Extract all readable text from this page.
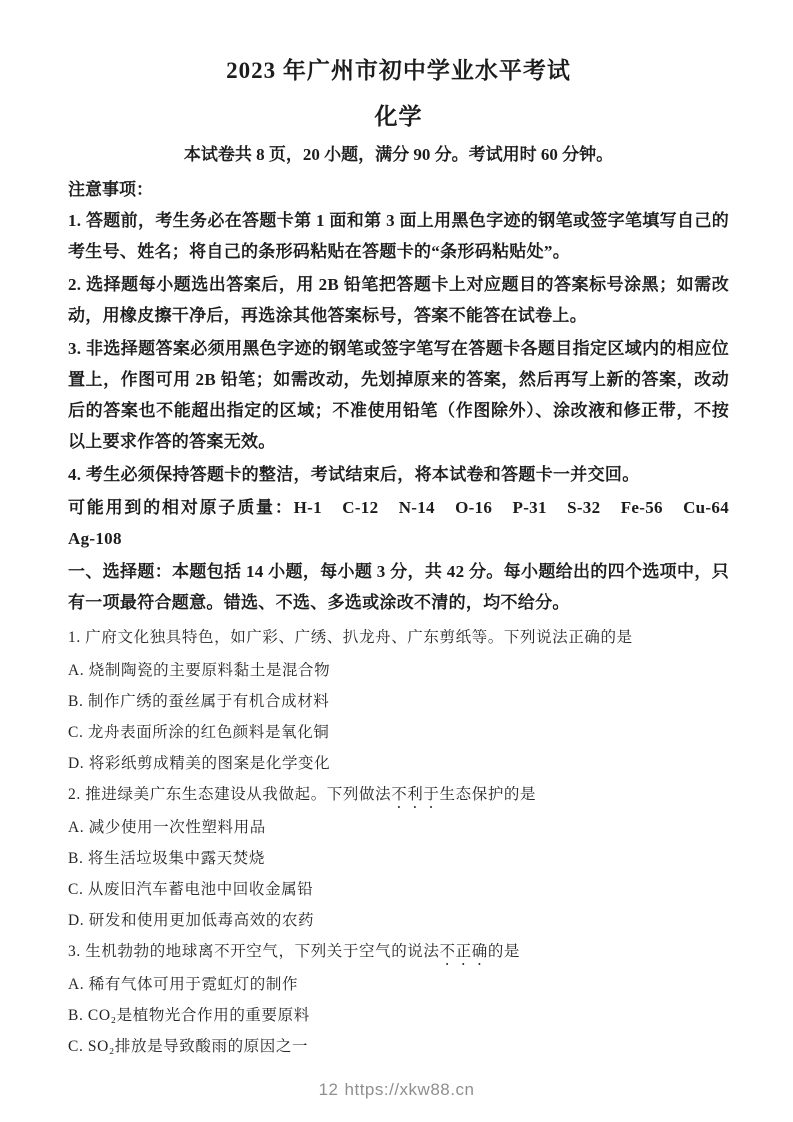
2023 年广州市初中学业水平考试
化学
本试卷共 8 页，20 小题，满分 90 分。考试用时 60 分钟。
注意事项：

1. 答题前，考生务必在答题卡第 1 面和第 3 面上用黑色字迹的钢笔或签字笔填写自己的考生号、姓名；将自己的条形码粘贴在答题卡的“条形码粘贴处”。

2. 选择题每小题选出答案后，用 2B 铅笔把答题卡上对应题目的答案标号涂黑；如需改动，用橡皮擦干净后，再选涂其他答案标号，答案不能答在试卷上。

3. 非选择题答案必须用黑色字迹的钢笔或签字笔写在答题卡各题目指定区域内的相应位置上，作图可用 2B 铅笔；如需改动，先划掉原来的答案，然后再写上新的答案，改动后的答案也不能超出指定的区域；不准使用铅笔（作图除外）、涂改液和修正带，不按以上要求作答的答案无效。

4. 考生必须保持答题卡的整洁，考试结束后，将本试卷和答题卡一并交回。

可能用到的相对原子质量：H-1　C-12　N-14　O-16　P-31　S-32　Fe-56　Cu-64　Ag-108

一、选择题：本题包括 14 小题，每小题 3 分，共 42 分。每小题给出的四个选项中，只有一项最符合题意。错选、不选、多选或涂改不清的，均不给分。

1. 广府文化独具特色，如广彩、广绣、扒龙舟、广东剪纸等。下列说法正确的是

A. 烧制陶瓷的主要原料黏土是混合物

B. 制作广绣的蚕丝属于有机合成材料

C. 龙舟表面所涂的红色颜料是氧化铜

D. 将彩纸剪成精美的图案是化学变化

2. 推进绿美广东生态建设从我做起。下列做法不利于生态保护的是

A. 减少使用一次性塑料用品

B. 将生活垃圾集中露天焚烧

C. 从废旧汽车蓄电池中回收金属铅

D. 研发和使用更加低毒高效的农药

3. 生机勃勃的地球离不开空气，下列关于空气的说法不正确的是

A. 稀有气体可用于霓虹灯的制作

B. CO₂是植物光合作用的重要原料

C. SO₂排放是导致酸雨的原因之一

12 https://xkw88.cn
